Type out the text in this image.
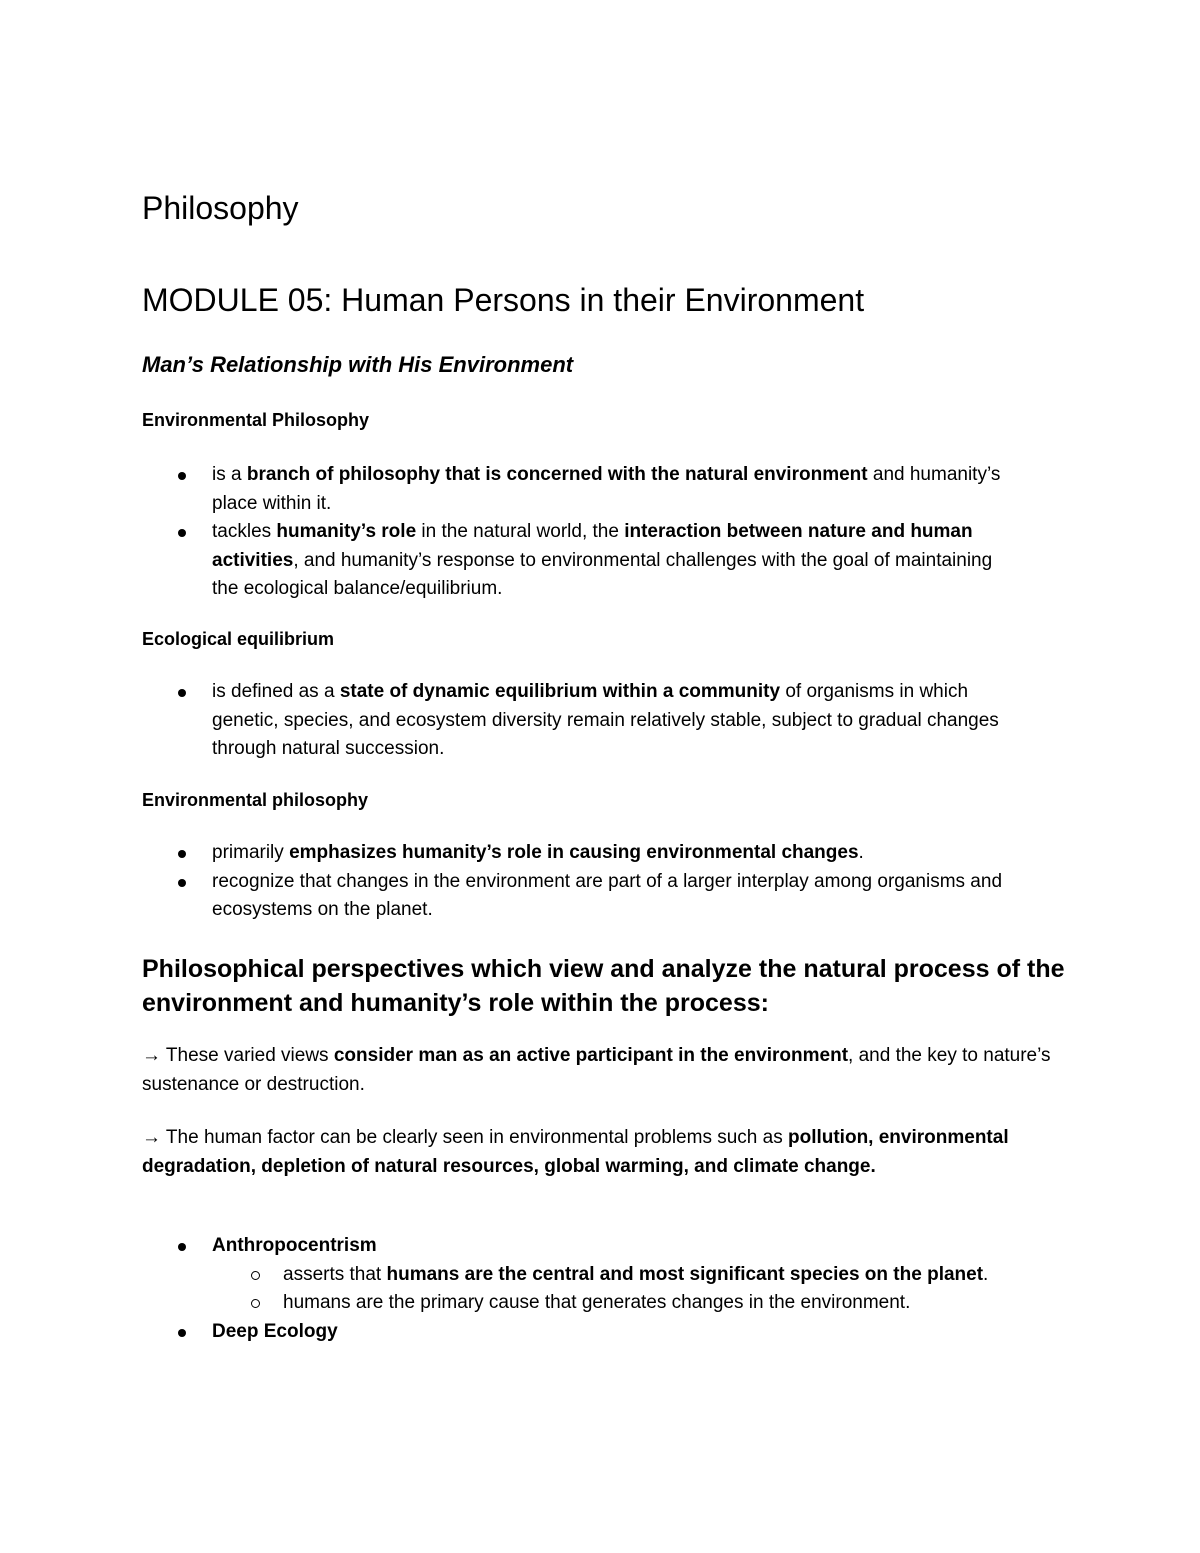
Philosophy
MODULE 05: Human Persons in their Environment
Man’s Relationship with His Environment

Environmental Philosophy

is a branch of philosophy that is concerned with the natural environment and humanity’s place within it.
tackles humanity’s role in the natural world, the interaction between nature and human activities, and humanity’s response to environmental challenges with the goal of maintaining the ecological balance/equilibrium.

Ecological equilibrium

is defined as a state of dynamic equilibrium within a community of organisms in which genetic, species, and ecosystem diversity remain relatively stable, subject to gradual changes through natural succession.

Environmental philosophy

primarily emphasizes humanity’s role in causing environmental changes.
recognize that changes in the environment are part of a larger interplay among organisms and ecosystems on the planet.
Philosophical perspectives which view and analyze the natural process of the environment and humanity’s role within the process:

→ These varied views consider man as an active participant in the environment, and the key to nature’s sustenance or destruction.

→ The human factor can be clearly seen in environmental problems such as pollution, environmental degradation, depletion of natural resources, global warming, and climate change.

Anthropocentrism
asserts that humans are the central and most significant species on the planet.
humans are the primary cause that generates changes in the environment.
Deep Ecology
